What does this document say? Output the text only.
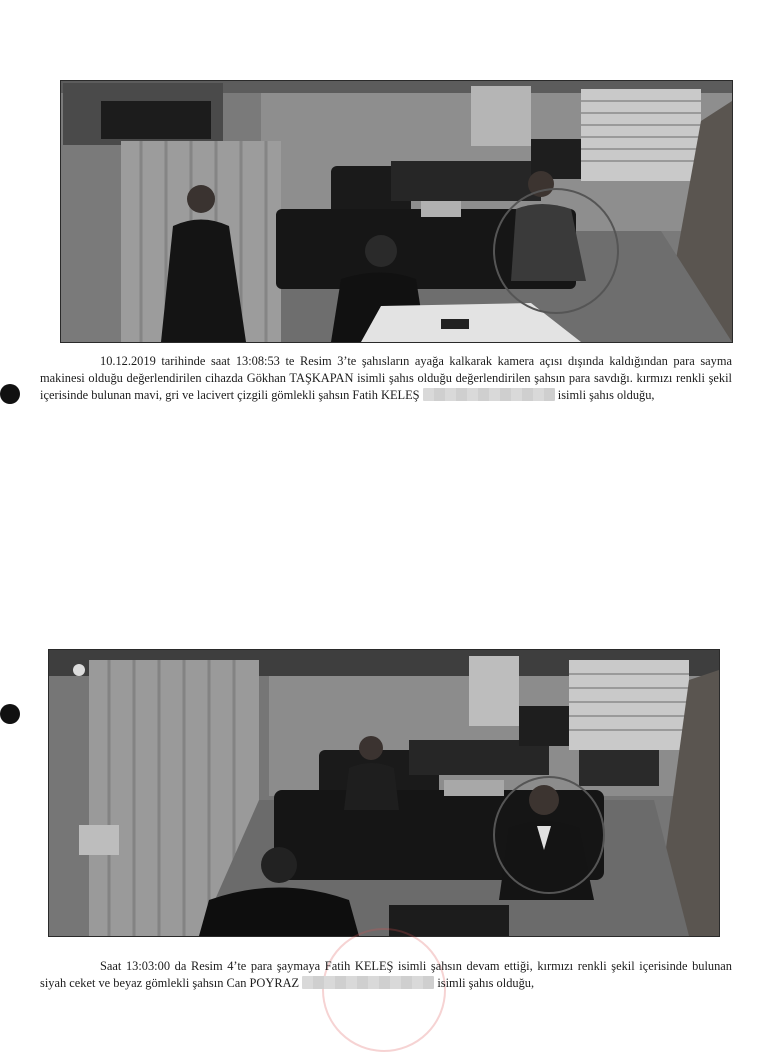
10.12.2019 tarihinde saat 13:08:53 te Resim 3’te şahısların ayağa kalkarak kamera açısı dışında kaldığından para sayma makinesi olduğu değerlendirilen cihazda Gökhan TAŞKAPAN isimli şahıs olduğu değerlendirilen şahsın para savdığı. kırmızı renkli şekil içerisinde bulunan mavi, gri ve lacivert çizgili gömlekli şahsın Fatih KELEŞ	isimli şahıs olduğu,

Saat 13:03:00 da Resim 4’te para şaymaya Fatih KELEŞ isimli şahsın devam ettiği, kırmızı renkli şekil içerisinde bulunan siyah ceket ve beyaz gömlekli şahsın Can POYRAZ	isimli şahıs olduğu,
